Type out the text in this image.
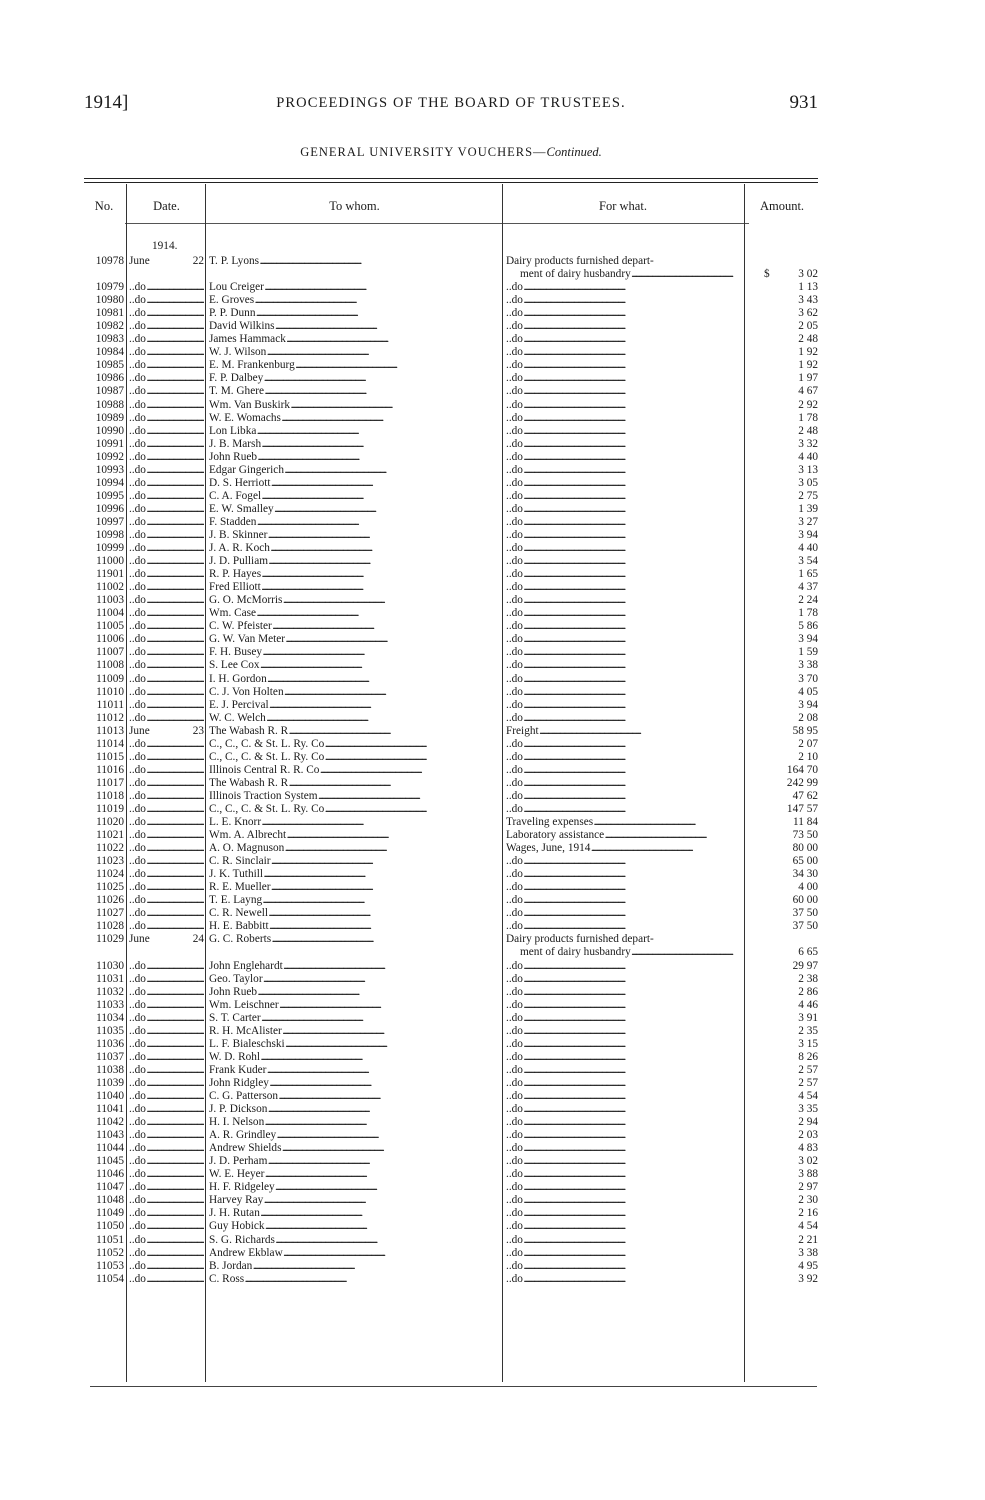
1914]	PROCEEDINGS OF THE BOARD OF TRUSTEES.	931
GENERAL UNIVERSITY VOUCHERS—Continued.
No.	Date.	To whom.	For what.	Amount.
1914.
10978 June	22 T. P. Lyons . . .	Dairy products furnished depart-
ment of dairy husbandry . . .	3 02
$
10979 ..do . . .	Lou Creiger . . .	..do . . .	1 13
10980 ..do . . .	E. Groves . . .	..do . . .	3 43
10981 ..do . . .	P. P. Dunn . . .	..do . . .	3 62
10982 ..do . . .	David Wilkins . . .	..do . . .	2 05
10983 ..do . . .	James Hammack . . .	..do . . .	2 48
10984 ..do . . .	W. J. Wilson . . .	..do . . .	1 92
10985 ..do . . .	E. M. Frankenburg . . .	..do . . .	1 92
10986 ..do . . .	F. P. Dalbey . . .	..do . . .	1 97
10987 ..do . . .	T. M. Ghere . . .	..do . . .	4 67
10988 ..do . . .	Wm. Van Buskirk . . .	..do . . .	2 92
10989 ..do . . .	W. E. Womachs . . .	..do . . .	1 78
10990 ..do . . .	Lon Libka . . .	..do . . .	2 48
10991 ..do . . .	J. B. Marsh . . .	..do . . .	3 32
10992 ..do . . .	John Rueb . . .	..do . . .	4 40
10993 ..do . . .	Edgar Gingerich . . .	..do . . .	3 13
10994 ..do . . .	D. S. Herriott . . .	..do . . .	3 05
10995 ..do . . .	C. A. Fogel . . .	..do . . .	2 75
10996 ..do . . .	E. W. Smalley . . .	..do . . .	1 39
10997 ..do . . .	F. Stadden . . .	..do . . .	3 27
10998 ..do . . .	J. B. Skinner . . .	..do . . .	3 94
10999 ..do . . .	J. A. R. Koch . . .	..do . . .	4 40
11000 ..do . . .	J. D. Pulliam . . .	..do . . .	3 54
11901 ..do . . .	R. P. Hayes . . .	..do . . .	1 65
11002 ..do . . .	Fred Elliott . . .	..do . . .	4 37
11003 ..do . . .	G. O. McMorris . . .	..do . . .	2 24
11004 ..do . . .	Wm. Case . . .	..do . . .	1 78
11005 ..do . . .	C. W. Pfeister . . .	..do . . .	5 86
11006 ..do . . .	G. W. Van Meter . . .	..do . . .	3 94
11007 ..do . . .	F. H. Busey . . .	..do . . .	1 59
11008 ..do . . .	S. Lee Cox . . .	..do . . .	3 38
11009 ..do . . .	I. H. Gordon . . .	..do . . .	3 70
11010 ..do . . .	C. J. Von Holten . . .	..do . . .	4 05
11011 ..do . . .	E. J. Percival . . .	..do . . .	3 94
11012 ..do . . .	W. C. Welch . . .	..do . . .	2 08
11013 June	23 The Wabash R. R . . .	Freight . . .	58 95
11014 ..do . . .	C., C., C. & St. L. Ry. Co . . .	..do . . .	2 07
11015 ..do . . .	C., C., C. & St. L. Ry. Co . . .	..do . . .	2 10
11016 ..do . . .	Illinois Central R. R. Co . . .	..do . . .	164 70
11017 ..do . . .	The Wabash R. R . . .	..do . . .	242 99
11018 ..do . . .	Illinois Traction System . . .	..do . . .	47 62
11019 ..do . . .	C., C., C. & St. L. Ry. Co . . .	..do . . .	147 57
11020 ..do . . .	L. E. Knorr . . .	Traveling expenses . . .	11 84
11021 ..do . . .	Wm. A. Albrecht . . .	Laboratory assistance . . .	73 50
11022 ..do . . .	A. O. Magnuson . . .	Wages, June, 1914 . . .	80 00
11023 ..do . . .	C. R. Sinclair . . .	..do . . .	65 00
11024 ..do . . .	J. K. Tuthill . . .	..do . . .	34 30
11025 ..do . . .	R. E. Mueller . . .	..do . . .	4 00
11026 ..do . . .	T. E. Layng . . .	..do . . .	60 00
11027 ..do . . .	C. R. Newell . . .	..do . . .	37 50
11028 ..do . . .	H. E. Babbitt . . .	..do . . .	37 50
11029 June	24 G. C. Roberts . . .	Dairy products furnished depart-
ment of dairy husbandry . . .	6 65
11030 ..do . . .	John Englehardt . . .	..do . . .	29 97
11031 ..do . . .	Geo. Taylor . . .	..do . . .	2 38
11032 ..do . . .	John Rueb . . .	..do . . .	2 86
11033 ..do . . .	Wm. Leischner . . .	..do . . .	4 46
11034 ..do . . .	S. T. Carter . . .	..do . . .	3 91
11035 ..do . . .	R. H. McAlister . . .	..do . . .	2 35
11036 ..do . . .	L. F. Bialeschski . . .	..do . . .	3 15
11037 ..do . . .	W. D. Rohl . . .	..do . . .	8 26
11038 ..do . . .	Frank Kuder . . .	..do . . .	2 57
11039 ..do . . .	John Ridgley . . .	..do . . .	2 57
11040 ..do . . .	C. G. Patterson . . .	..do . . .	4 54
11041 ..do . . .	J. P. Dickson . . .	..do . . .	3 35
11042 ..do . . .	H. I. Nelson . . .	..do . . .	2 94
11043 ..do . . .	A. R. Grindley . . .	..do . . .	2 03
11044 ..do . . .	Andrew Shields . . .	..do . . .	4 83
11045 ..do . . .	J. D. Perham . . .	..do . . .	3 02
11046 ..do . . .	W. E. Heyer . . .	..do . . .	3 88
11047 ..do . . .	H. F. Ridgeley . . .	..do . . .	2 97
11048 ..do . . .	Harvey Ray . . .	..do . . .	2 30
11049 ..do . . .	J. H. Rutan . . .	..do . . .	2 16
11050 ..do . . .	Guy Hobick . . .	..do . . .	4 54
11051 ..do . . .	S. G. Richards . . .	..do . . .	2 21
11052 ..do . . .	Andrew Ekblaw . . .	..do . . .	3 38
11053 ..do . . .	B. Jordan . . .	..do . . .	4 95
11054 ..do . . .	C. Ross . . .	..do . . .	3 92
